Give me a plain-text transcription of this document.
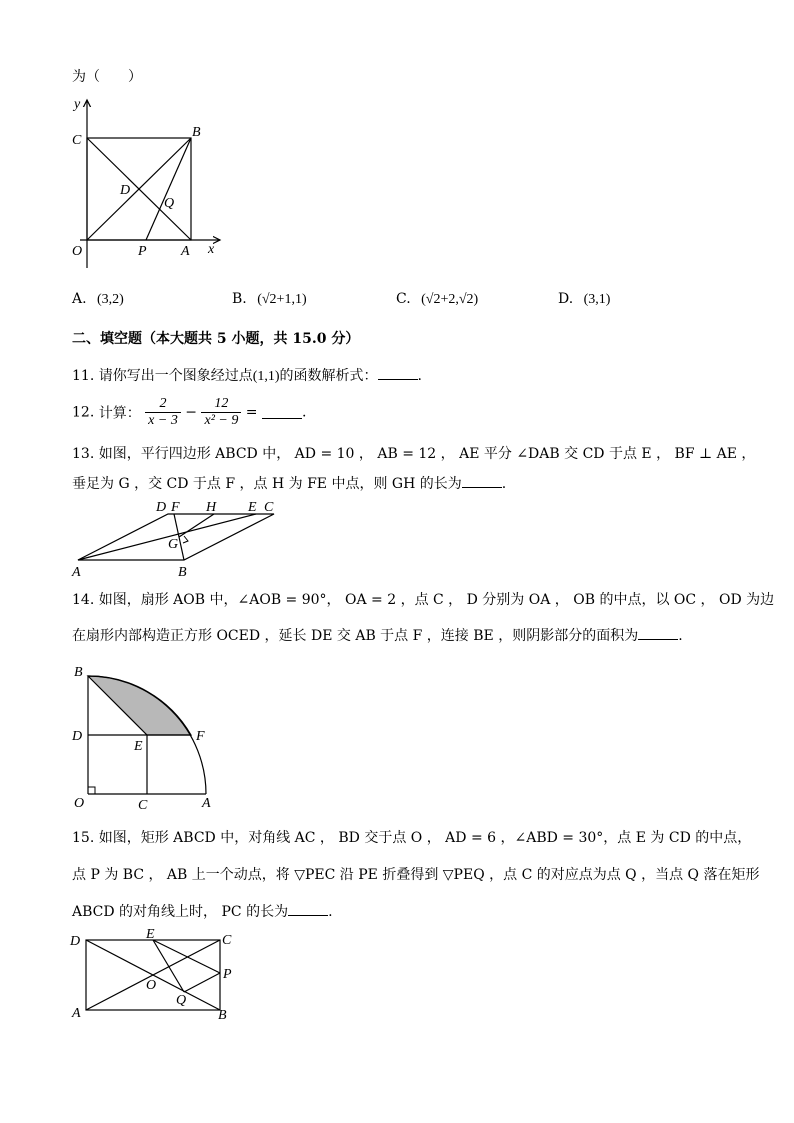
为（　　）
y
C
B
D
Q
O	P A x
A. (3,2)	B. (√2+1,1)	C. (√2+2,√2)	D. (3,1)
二、填空题（本大题共 5 小题，共 15.0 分）
11. 请你写出一个图象经过点(1,1)的函数解析式：	.
12. 计算： $\frac{2}{x - 3} - \frac{12}{\text{x² − 9}}$ =	.
13. 如图，平行四边形 ABCD 中， AD = 10 ， AB = 12 ， AE 平分 ∠DAB 交 CD 于点 E ， BF ⊥ AE ，
垂足为 G ，交 CD 于点 F ，点 H 为 FE 中点，则 GH 的长为	.
D F H E C
G
A	B
14. 如图，扇形 AOB 中，∠AOB = 90°， OA = 2 ，点 C ， D 分别为 OA ， OB 的中点，以 OC ， OD 为边
在扇形内部构造正方形 OCED ，延长 DE 交 AB 于点 F ，连接 BE ，则阴影部分的面积为	.
B
D
E
F
O	C	A
15. 如图，矩形 ABCD 中，对角线 AC ， BD 交于点 O ， AD = 6 ，∠ABD = 30°，点 E 为 CD 的中点，
点 P 为 BC ， AB 上一个动点，将 ▽PEC 沿 PE 折叠得到 ▽PEQ ，点 C 的对应点为点 Q ，当点 Q 落在矩形
ABCD 的对角线上时， PC 的长为	.
D	E	C
P
O
Q
A	B
